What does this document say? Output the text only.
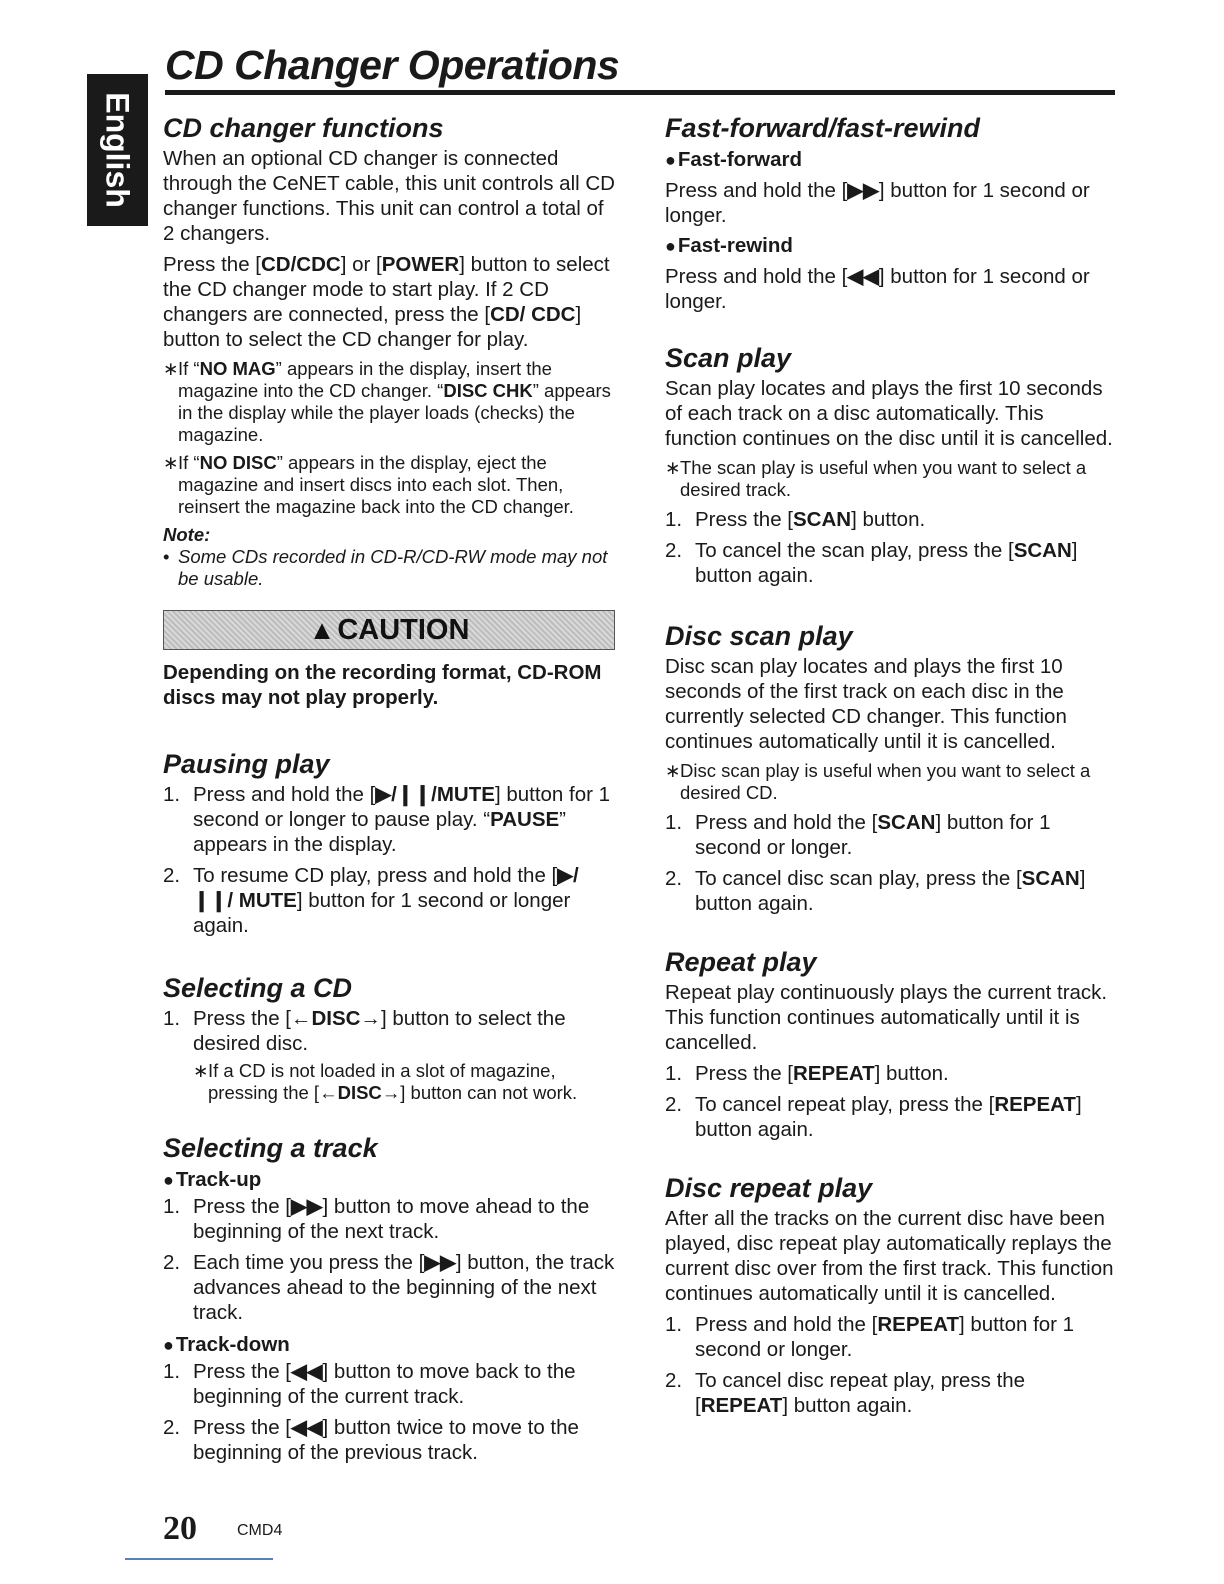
English
CD Changer Operations
CD changer functions

When an optional CD changer is connected through the CeNET cable, this unit controls all CD changer functions. This unit can control a total of 2 changers.

Press the [CD/CDC] or [POWER] button to select the CD changer mode to start play. If 2 CD changers are connected, press the [CD/ CDC] button to select the CD changer for play.

∗ If “NO MAG” appears in the display, insert the magazine into the CD changer. “DISC CHK” appears in the display while the player loads (checks) the magazine.
∗ If “NO DISC” appears in the display, eject the magazine and insert discs into each slot. Then, reinsert the magazine back into the CD changer.
Note:
• Some CDs recorded in CD-R/CD-RW mode may not be usable.
▲ CAUTION

Depending on the recording format, CD-ROM discs may not play properly.

Pausing play
1. Press and hold the [▶/❙❙/MUTE] button for 1 second or longer to pause play. “PAUSE” appears in the display.
2. To resume CD play, press and hold the [▶/❙❙/ MUTE] button for 1 second or longer again.
Selecting a CD
1. Press the [←DISC→] button to select the desired disc.
∗ If a CD is not loaded in a slot of magazine, pressing the [←DISC→] button can not work.
Selecting a track
●Track-up
1. Press the [▶▶] button to move ahead to the beginning of the next track.
2. Each time you press the [▶▶] button, the track advances ahead to the beginning of the next track.
●Track-down
1. Press the [◀◀] button to move back to the beginning of the current track.
2. Press the [◀◀] button twice to move to the beginning of the previous track.
Fast-forward/fast-rewind
●Fast-forward

Press and hold the [▶▶] button for 1 second or longer.

●Fast-rewind

Press and hold the [◀◀] button for 1 second or longer.

Scan play

Scan play locates and plays the first 10 seconds of each track on a disc automatically. This function continues on the disc until it is cancelled.

∗ The scan play is useful when you want to select a desired track.
1. Press the [SCAN] button.
2. To cancel the scan play, press the [SCAN] button again.
Disc scan play

Disc scan play locates and plays the first 10 seconds of the first track on each disc in the currently selected CD changer. This function continues automatically until it is cancelled.

∗ Disc scan play is useful when you want to select a desired CD.
1. Press and hold the [SCAN] button for 1 second or longer.
2. To cancel disc scan play, press the [SCAN] button again.
Repeat play

Repeat play continuously plays the current track. This function continues automatically until it is cancelled.

1. Press the [REPEAT] button.
2. To cancel repeat play, press the [REPEAT] button again.
Disc repeat play

After all the tracks on the current disc have been played, disc repeat play automatically replays the current disc over from the first track. This function continues automatically until it is cancelled.

1. Press and hold the [REPEAT] button for 1 second or longer.
2. To cancel disc repeat play, press the [REPEAT] button again.
20	CMD4
